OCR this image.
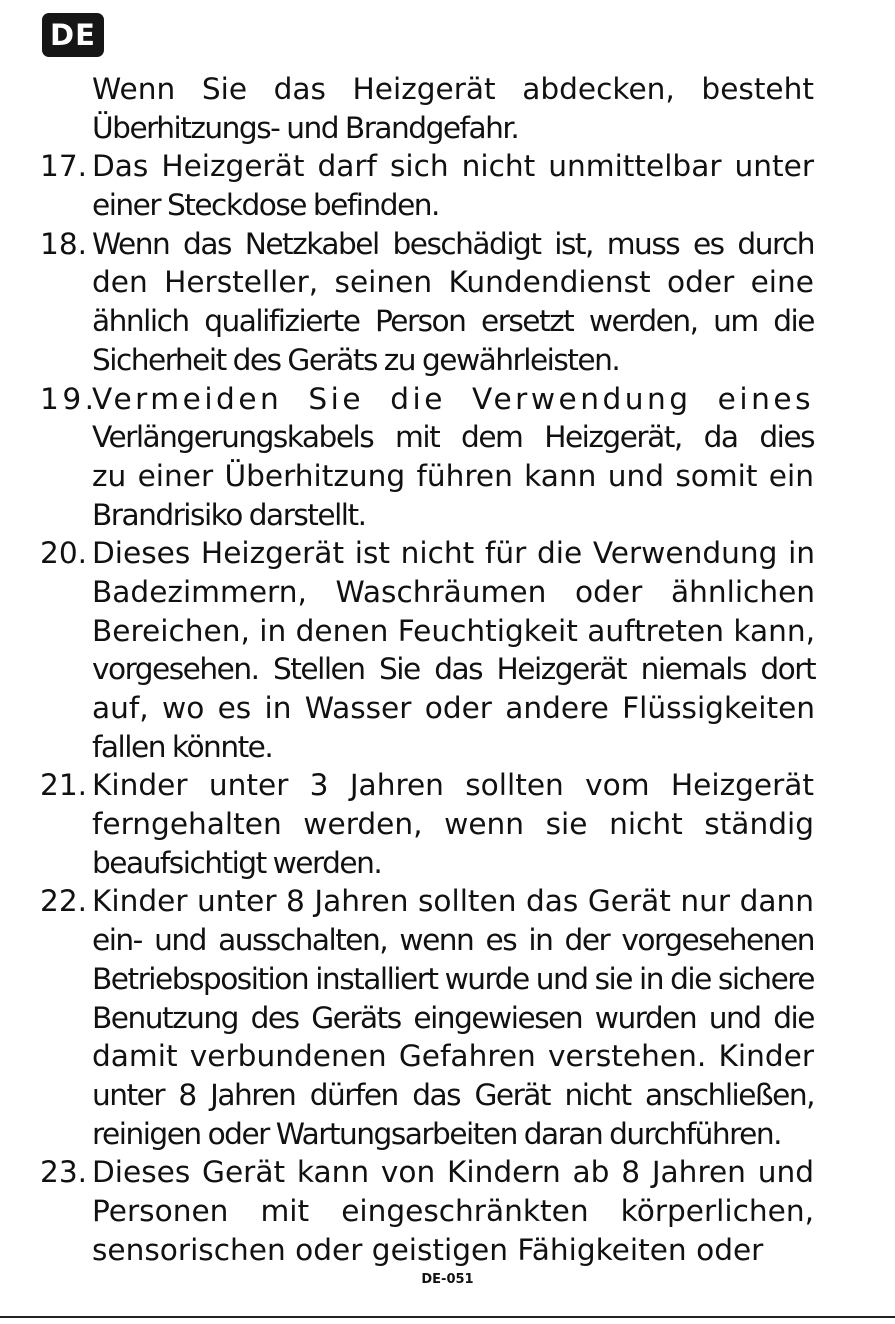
DE
Wenn Sie das Heizgerät abdecken, besteht
Überhitzungs- und Brandgefahr.
17. Das Heizgerät darf sich nicht unmittelbar unter
einer Steckdose befinden.
18. Wenn das Netzkabel beschädigt ist, muss es durch
den Hersteller, seinen Kundendienst oder eine
ähnlich qualifizierte Person ersetzt werden, um die
Sicherheit des Geräts zu gewährleisten.
19.
Vermeiden Sie die Verwendung eines
Verlängerungskabels mit dem Heizgerät, da dies
zu einer Überhitzung führen kann und somit ein
Brandrisiko darstellt.
20. Dieses Heizgerät ist nicht für die Verwendung in
Badezimmern, Waschräumen oder ähnlichen
Bereichen, in denen Feuchtigkeit auftreten kann,
vorgesehen. Stellen Sie das Heizgerät niemals dort
auf, wo es in Wasser oder andere Flüssigkeiten
fallen könnte.
21. Kinder unter 3 Jahren sollten vom Heizgerät
ferngehalten werden, wenn sie nicht ständig
beaufsichtigt werden.
22. Kinder unter 8 Jahren sollten das Gerät nur dann
ein- und ausschalten, wenn es in der vorgesehenen
Betriebsposition installiert wurde und sie in die sichere
Benutzung des Geräts eingewiesen wurden und die
damit verbundenen Gefahren verstehen. Kinder
unter 8 Jahren dürfen das Gerät nicht anschließen,
reinigen oder Wartungsarbeiten daran durchführen.
23. Dieses Gerät kann von Kindern ab 8 Jahren und
Personen mit eingeschränkten körperlichen,
sensorischen oder geistigen Fähigkeiten oder
DE-051
